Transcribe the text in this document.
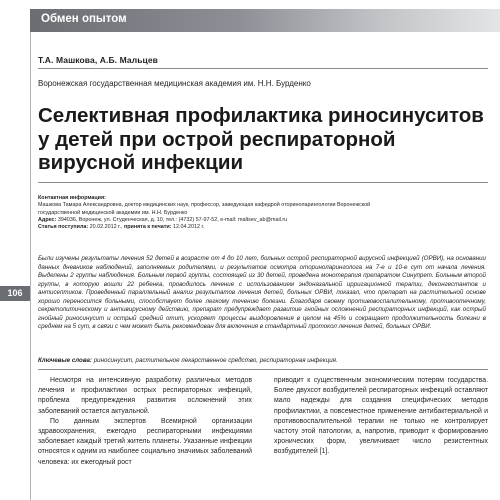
Обмен опытом
106
Т.А. Машкова, А.Б. Мальцев
Воронежская государственная медицинская академия им. Н.Н. Бурденко
Селективная профилактика риносинуситов у детей при острой респираторной вирусной инфекции
Контактная информация:
Машкова Тамара Александровна, доктор медицинских наук, профессор, заведующая кафедрой оториноларингологии Воронежской
государственной медицинской академии им. Н.Н. Бурденко
Адрес: 394036, Воронеж, ул. Студенческая, д. 10, тел.: (4732) 57-97-52, e-mail: maltsev_ab@mail.ru
Статья поступила: 20.02.2012 г., принята к печати: 12.04.2012 г.

Были изучены результаты лечения 52 детей в возрасте от 4 до 10 лет, больных острой респираторной вирусной инфекцией (ОРВИ), на основании данных дневников наблюдений, заполняемых родителями, и результатов осмотра оториноларинголога на 7-е и 10-е сут от начала лечения. Выделены 2 группы наблюдения. Больным первой группы, состоящей из 30 детей, проведена монотерапия препаратом Синупрет. Больным второй группы, в которую вошли 22 ребенка, проводилось лечение с использованием эндоназальной ирригационной терапии, деконгестантов и антисептиков. Проведенный параллельный анализ результатов лечения детей, больных ОРВИ, показал, что препарат на растительной основе хорошо переносится больными, способствует более легкому течению болезни. Благодаря своему противовоспалительному, противоотечному, секретолитическому и антивирусному действию, препарат предупреждает развитие гнойных осложнений респираторных инфекций, как острый гнойный риносинусит и острый средний отит, ускоряет процессы выздоровления в целом на 45% и сокращает продолжительность болезни в среднем на 5 сут, в связи с чем может быть рекомендован для включения в стандартный протокол лечения детей, больных ОРВИ.

Ключевые слова: риносинусит, растительное лекарственное средство, респираторная инфекция.

Несмотря на интенсивную разработку различных методов лечения и профилактики острых респираторных инфекций, проблема предупреждения развития осложнений этих заболеваний остается актуальной.

По данным экспертов Всемирной организации здравоохранения, ежегодно респираторными инфекциями заболевает каждый третий житель планеты. Указанные инфекции относятся к одним из наиболее социально значимых заболеваний человека: их ежегодный рост

приводит к существенным экономическим потерям государства. Более двухсот возбудителей респираторных инфекций оставляют мало надежды для создания специфических методов профилактики, а повсеместное применение антибактериальной и противовоспалительной терапии не только не контролирует частоту этой патологии, а, напротив, приводит к формированию хронических форм, увеличивает число резистентных возбудителей [1].
